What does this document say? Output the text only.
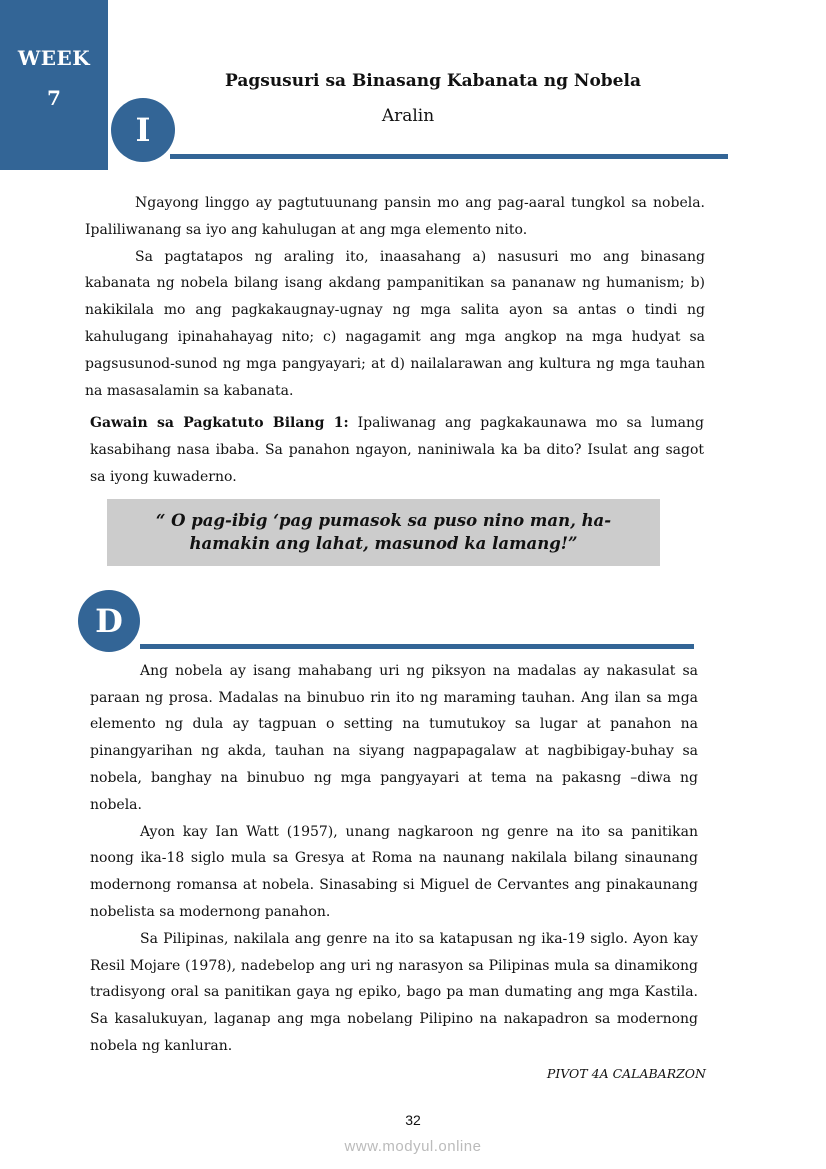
WEEK
7
Pagsusuri sa Binasang Kabanata ng Nobela
Aralin
I

Ngayong linggo ay pagtutuunang pansin mo ang pag-aaral tungkol sa nobela. Ipaliliwanang sa iyo ang kahulugan at ang mga elemento nito.

Sa pagtatapos ng araling ito, inaasahang a) nasusuri mo ang binasang kabanata ng nobela bilang isang akdang pampanitikan sa pananaw ng humanism; b) nakikilala mo ang pagkakaugnay-ugnay ng mga salita ayon sa antas o tindi ng kahulugang ipinahahayag nito; c) nagagamit ang mga angkop na mga hudyat sa pagsusunod-sunod ng mga pangyayari; at d) nailalarawan ang kultura ng mga tauhan na masasalamin sa kabanata.

Gawain sa Pagkatuto Bilang 1: Ipaliwanag ang pagkakaunawa mo sa lumang kasabihang nasa ibaba. Sa panahon ngayon, naniniwala ka ba dito? Isulat ang sagot sa iyong kuwaderno.
“ O pag-ibig ‘pag pumasok sa puso nino man, ha-hamakin ang lahat, masunod ka lamang!”
D

Ang nobela ay isang mahabang uri ng piksyon na madalas ay nakasulat sa paraan ng prosa. Madalas na binubuo rin ito ng maraming tauhan. Ang ilan sa mga elemento ng dula ay tagpuan o setting na tumutukoy sa lugar at panahon na pinangyarihan ng akda, tauhan na siyang nagpapagalaw at nagbibigay-buhay sa nobela, banghay na binubuo ng mga pangyayari at tema na pakasng –diwa ng nobela.

Ayon kay Ian Watt (1957), unang nagkaroon ng genre na ito sa panitikan noong ika-18 siglo mula sa Gresya at Roma na naunang nakilala bilang sinaunang modernong romansa at nobela. Sinasabing si Miguel de Cervantes ang pinakaunang nobelista sa modernong panahon.

Sa Pilipinas, nakilala ang genre na ito sa katapusan ng ika-19 siglo. Ayon kay Resil Mojare (1978), nadebelop ang uri ng narasyon sa Pilipinas mula sa dinamikong tradisyong oral sa panitikan gaya ng epiko, bago pa man dumating ang mga Kastila. Sa kasalukuyan, laganap ang mga nobelang Pilipino na nakapadron sa modernong nobela ng kanluran.

PIVOT 4A CALABARZON
32
www.modyul.online
